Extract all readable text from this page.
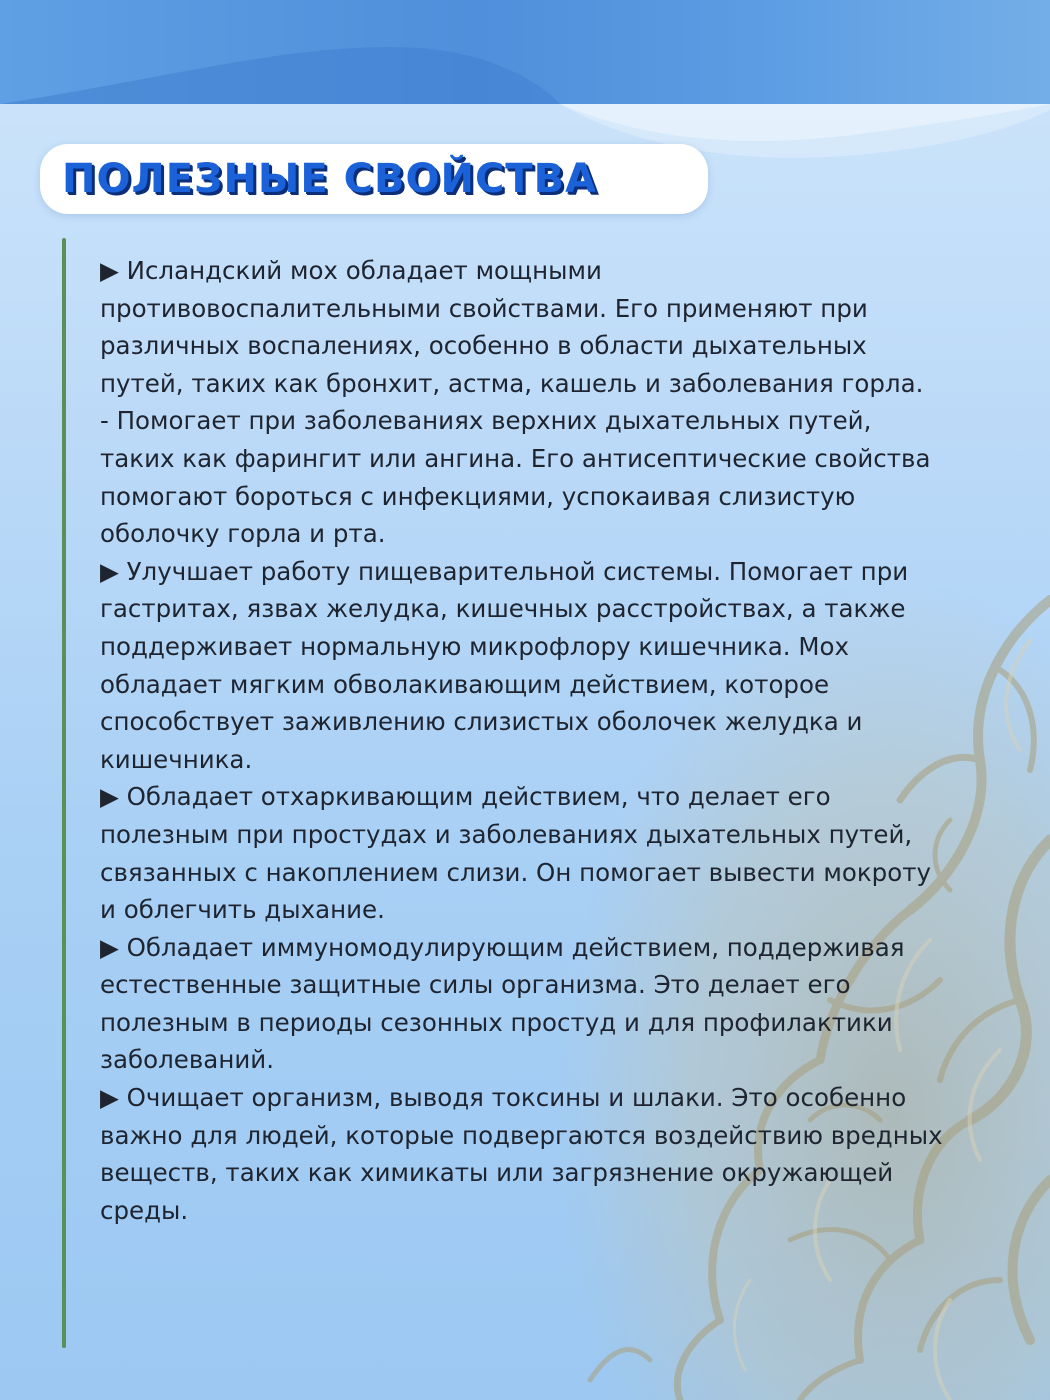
ПОЛЕЗНЫЕ СВОЙСТВА

▶ Исландский мох обладает мощными противовоспалительными свойствами. Его применяют при различных воспалениях, особенно в области дыхательных путей, таких как бронхит, астма, кашель и заболевания горла.

- Помогает при заболеваниях верхних дыхательных путей, таких как фарингит или ангина. Его антисептические свойства помогают бороться с инфекциями, успокаивая слизистую оболочку горла и рта.

▶ Улучшает работу пищеварительной системы. Помогает при гастритах, язвах желудка, кишечных расстройствах, а также поддерживает нормальную микрофлору кишечника. Мох обладает мягким обволакивающим действием, которое способствует заживлению слизистых оболочек желудка и кишечника.

▶ Обладает отхаркивающим действием, что делает его полезным при простудах и заболеваниях дыхательных путей, связанных с накоплением слизи. Он помогает вывести мокроту и облегчить дыхание.

▶ Обладает иммуномодулирующим действием, поддерживая естественные защитные силы организма. Это делает его полезным в периоды сезонных простуд и для профилактики заболеваний.

▶ Очищает организм, выводя токсины и шлаки. Это особенно важно для людей, которые подвергаются воздействию вредных веществ, таких как химикаты или загрязнение окружающей среды.
